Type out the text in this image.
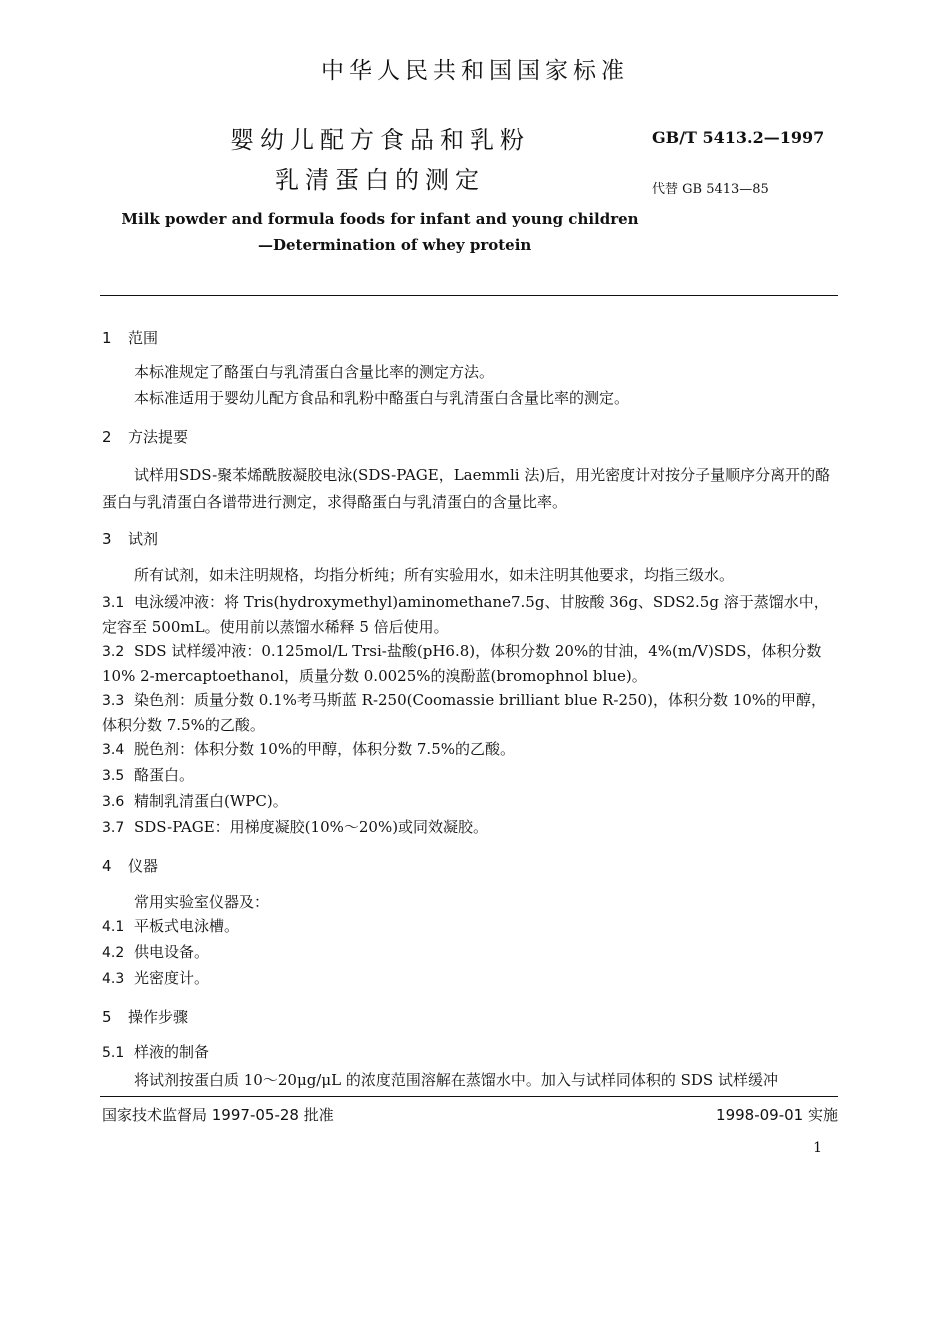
中华人民共和国国家标准
婴幼儿配方食品和乳粉
乳清蛋白的测定
GB/T 5413.2—1997
代替 GB 5413—85
Milk powder and formula foods for infant and young children
—Determination of whey protein
1 范围
本标准规定了酪蛋白与乳清蛋白含量比率的测定方法。
本标准适用于婴幼儿配方食品和乳粉中酪蛋白与乳清蛋白含量比率的测定。
2 方法提要
试样用SDS-聚苯烯酰胺凝胶电泳(SDS-PAGE，Laemmli 法)后，用光密度计对按分子量顺序分离开的酪蛋白与乳清蛋白各谱带进行测定，求得酪蛋白与乳清蛋白的含量比率。
3 试剂
所有试剂，如未注明规格，均指分析纯；所有实验用水，如未注明其他要求，均指三级水。
3.1 电泳缓冲液：将 Tris(hydroxymethyl)aminomethane7.5g、甘胺酸 36g、SDS2.5g 溶于蒸馏水中，定容至 500mL。使用前以蒸馏水稀释 5 倍后使用。
3.2 SDS 试样缓冲液：0.125mol/L Trsi-盐酸(pH6.8)，体积分数 20%的甘油，4%(m/V)SDS，体积分数 10% 2-mercaptoethanol，质量分数 0.0025%的溴酚蓝(bromophnol blue)。
3.3 染色剂：质量分数 0.1%考马斯蓝 R-250(Coomassie brilliant blue R-250)，体积分数 10%的甲醇，体积分数 7.5%的乙酸。
3.4 脱色剂：体积分数 10%的甲醇，体积分数 7.5%的乙酸。
3.5 酪蛋白。
3.6 精制乳清蛋白(WPC)。
3.7 SDS-PAGE：用梯度凝胶(10%～20%)或同效凝胶。
4 仪器
常用实验室仪器及：
4.1 平板式电泳槽。
4.2 供电设备。
4.3 光密度计。
5 操作步骤
5.1 样液的制备
将试剂按蛋白质 10～20μg/μL 的浓度范围溶解在蒸馏水中。加入与试样同体积的 SDS 试样缓冲
国家技术监督局 1997-05-28 批准	1998-09-01 实施
1
